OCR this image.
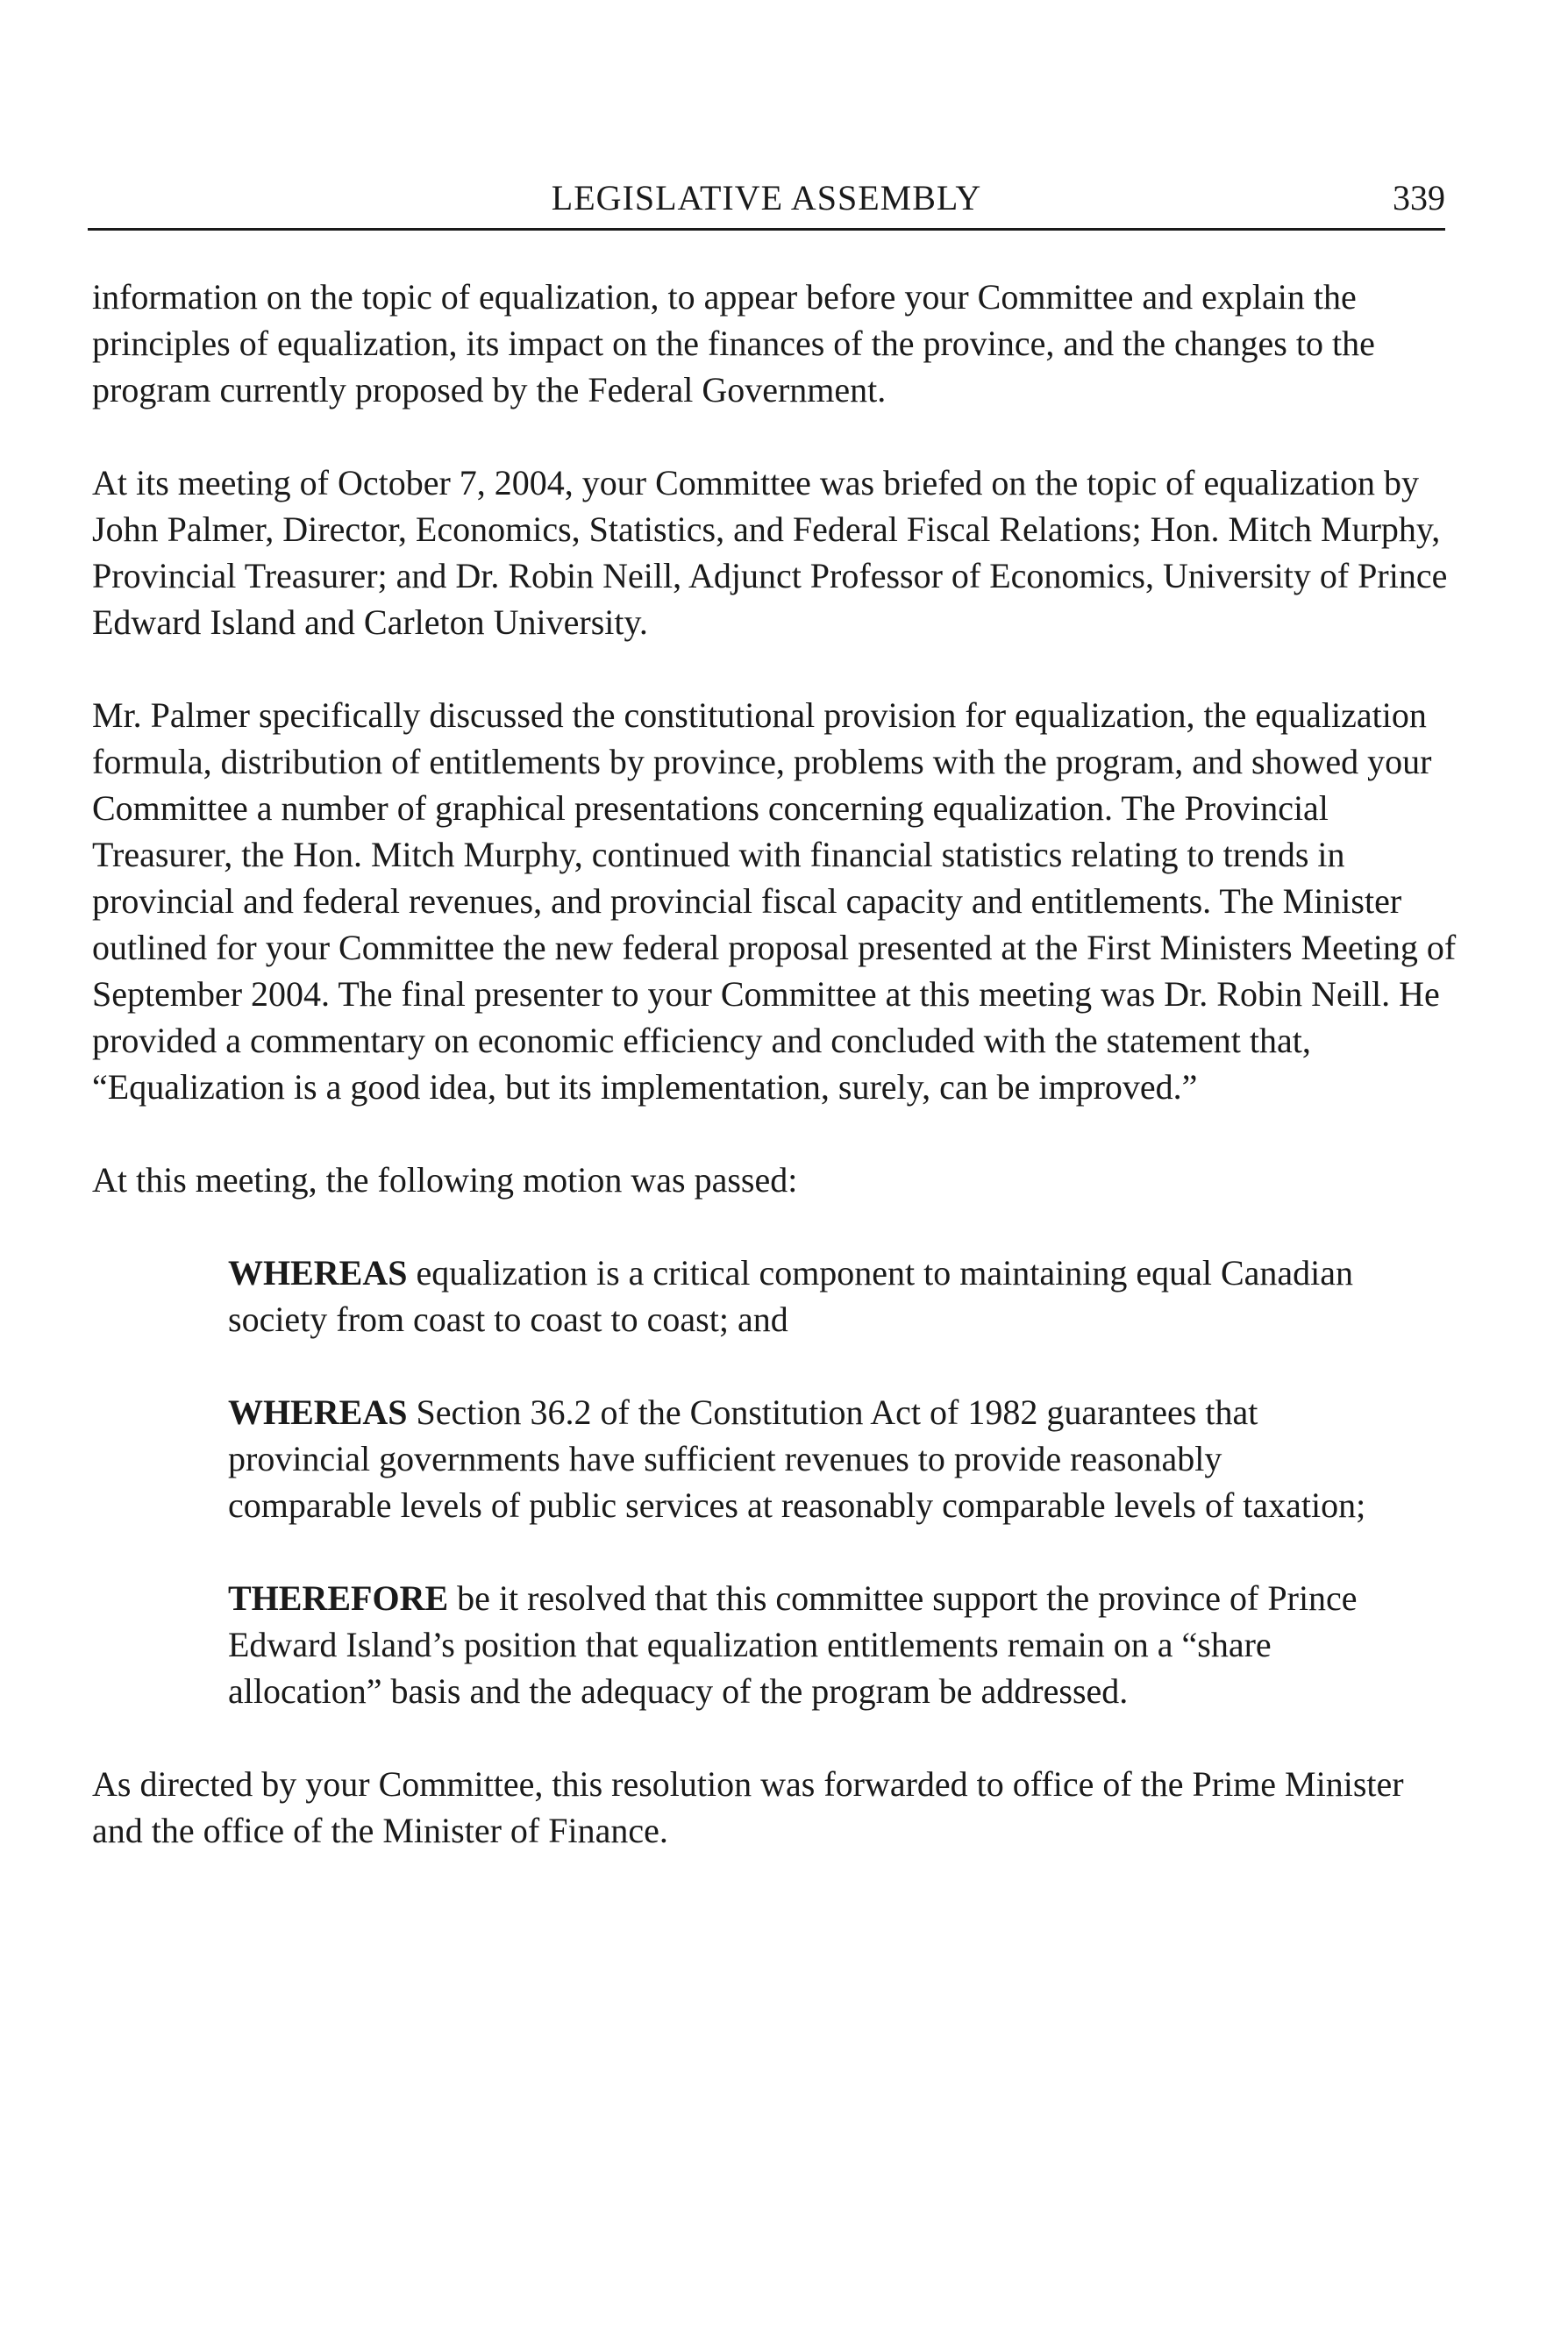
LEGISLATIVE ASSEMBLY	339

information on the topic of equalization, to appear before your Committee and explain the principles of equalization, its impact on the finances of the province, and the changes to the program currently proposed by the Federal Government.

At its meeting of October 7, 2004, your Committee was briefed on the topic of equalization by John Palmer, Director, Economics, Statistics, and Federal Fiscal Relations; Hon. Mitch Murphy, Provincial Treasurer; and Dr. Robin Neill, Adjunct Professor of Economics, University of Prince Edward Island and Carleton University.

Mr. Palmer specifically discussed the constitutional provision for equalization, the equalization formula, distribution of entitlements by province, problems with the program, and showed your Committee a number of graphical presentations concerning equalization. The Provincial Treasurer, the Hon. Mitch Murphy, continued with financial statistics relating to trends in provincial and federal revenues, and provincial fiscal capacity and entitlements. The Minister outlined for your Committee the new federal proposal presented at the First Ministers Meeting of September 2004. The final presenter to your Committee at this meeting was Dr. Robin Neill. He provided a commentary on economic efficiency and concluded with the statement that, “Equalization is a good idea, but its implementation, surely, can be improved.”

At this meeting, the following motion was passed:

WHEREAS equalization is a critical component to maintaining equal Canadian society from coast to coast to coast; and

WHEREAS Section 36.2 of the Constitution Act of 1982 guarantees that provincial governments have sufficient revenues to provide reasonably comparable levels of public services at reasonably comparable levels of taxation;

THEREFORE be it resolved that this committee support the province of Prince Edward Island’s position that equalization entitlements remain on a “share allocation” basis and the adequacy of the program be addressed.

As directed by your Committee, this resolution was forwarded to office of the Prime Minister and the office of the Minister of Finance.
